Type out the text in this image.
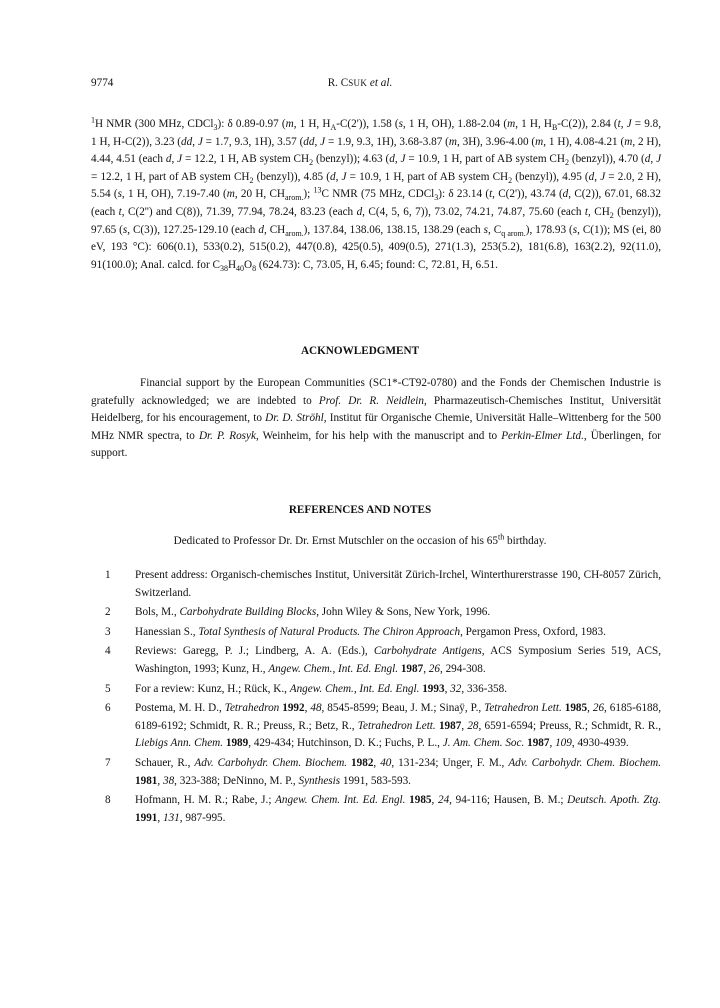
9774	R. CSUK et al.
$^1$H NMR (300 MHz, CDCl$_3$): δ 0.89-0.97 (m, 1 H, $H_A-C(2')$), 1.58 (s, 1 H, OH), 1.88-2.04 (m, 1 H, $H_B-C(2)$), 2.84 (t, J = 9.8, 1 H, H-C(2)), 3.23 (dd, J = 1.7, 9.3, 1H), 3.57 (dd, J = 1.9, 9.3, 1H), 3.68-3.87 (m, 3H), 3.96-4.00 (m, 1 H), 4.08-4.21 (m, 2 H), 4.44, 4.51 (each d, J = 12.2, 1 H, AB system $CH_2$ (benzyl)); 4.63 (d, J = 10.9, 1 H, part of AB system $CH_2$ (benzyl)), 4.70 (d, J = 12.2, 1 H, part of AB system $CH_2$ (benzyl)), 4.85 (d, J = 10.9, 1 H, part of AB system $CH_2$ (benzyl)), 4.95 (d, J = 2.0, 2 H), 5.54 (s, 1 H, OH), 7.19-7.40 (m, 20 H, $CH_{arom.}$); $^{13}$C NMR (75 MHz, CDCl$_3$): δ 23.14 (t, C(2')), 43.74 (d, C(2)), 67.01, 68.32 (each t, C(2'') and C(8)), 71.39, 77.94, 78.24, 83.23 (each d, C(4, 5, 6, 7)), 73.02, 74.21, 74.87, 75.60 (each t, $CH_2$ (benzyl)), 97.65 (s, C(3)), 127.25-129.10 (each d, $CH_{arom.}$), 137.84, 138.06, 138.15, 138.29 (each s, $C_{q arom.}$), 178.93 (s, C(1)); MS (ei, 80 eV, 193 °C): 606(0.1), 533(0.2), 515(0.2), 447(0.8), 425(0.5), 409(0.5), 271(1.3), 253(5.2), 181(6.8), 163(2.2), 92(11.0), 91(100.0); Anal. calcd. for $C_{38}H_{40}O_8$ (624.73): C, 73.05, H, 6.45; found: C, 72.81, H, 6.51.
ACKNOWLEDGMENT
Financial support by the European Communities (SC1*-CT92-0780) and the Fonds der Chemischen Industrie is gratefully acknowledged; we are indebted to Prof. Dr. R. Neidlein, Pharmazeutisch-Chemisches Institut, Universität Heidelberg, for his encouragement, to Dr. D. Ströhl, Institut für Organische Chemie, Universität Halle–Wittenberg for the 500 MHz NMR spectra, to Dr. P. Rosyk, Weinheim, for his help with the manuscript and to Perkin-Elmer Ltd., Überlingen, for support.
REFERENCES AND NOTES
Dedicated to Professor Dr. Dr. Ernst Mutschler on the occasion of his 65th birthday.
1	Present address: Organisch-chemisches Institut, Universität Zürich-Irchel, Winterthurerstrasse 190, CH-8057 Zürich, Switzerland.
2	Bols, M., Carbohydrate Building Blocks, John Wiley & Sons, New York, 1996.
3	Hanessian S., Total Synthesis of Natural Products. The Chiron Approach, Pergamon Press, Oxford, 1983.
4	Reviews: Garegg, P. J.; Lindberg, A. A. (Eds.), Carbohydrate Antigens, ACS Symposium Series 519, ACS, Washington, 1993; Kunz, H., Angew. Chem., Int. Ed. Engl. 1987, 26, 294-308.
5	For a review: Kunz, H.; Rück, K., Angew. Chem., Int. Ed. Engl. 1993, 32, 336-358.
6	Postema, M. H. D., Tetrahedron 1992, 48, 8545-8599; Beau, J. M.; Sinaÿ, P., Tetrahedron Lett. 1985, 26, 6185-6188, 6189-6192; Schmidt, R. R.; Preuss, R.; Betz, R., Tetrahedron Lett. 1987, 28, 6591-6594; Preuss, R.; Schmidt, R. R., Liebigs Ann. Chem. 1989, 429-434; Hutchinson, D. K.; Fuchs, P. L., J. Am. Chem. Soc. 1987, 109, 4930-4939.
7	Schauer, R., Adv. Carbohydr. Chem. Biochem. 1982, 40, 131-234; Unger, F. M., Adv. Carbohydr. Chem. Biochem. 1981, 38, 323-388; DeNinno, M. P., Synthesis 1991, 583-593.
8	Hofmann, H. M. R.; Rabe, J.; Angew. Chem. Int. Ed. Engl. 1985, 24, 94-116; Hausen, B. M.; Deutsch. Apoth. Ztg. 1991, 131, 987-995.
